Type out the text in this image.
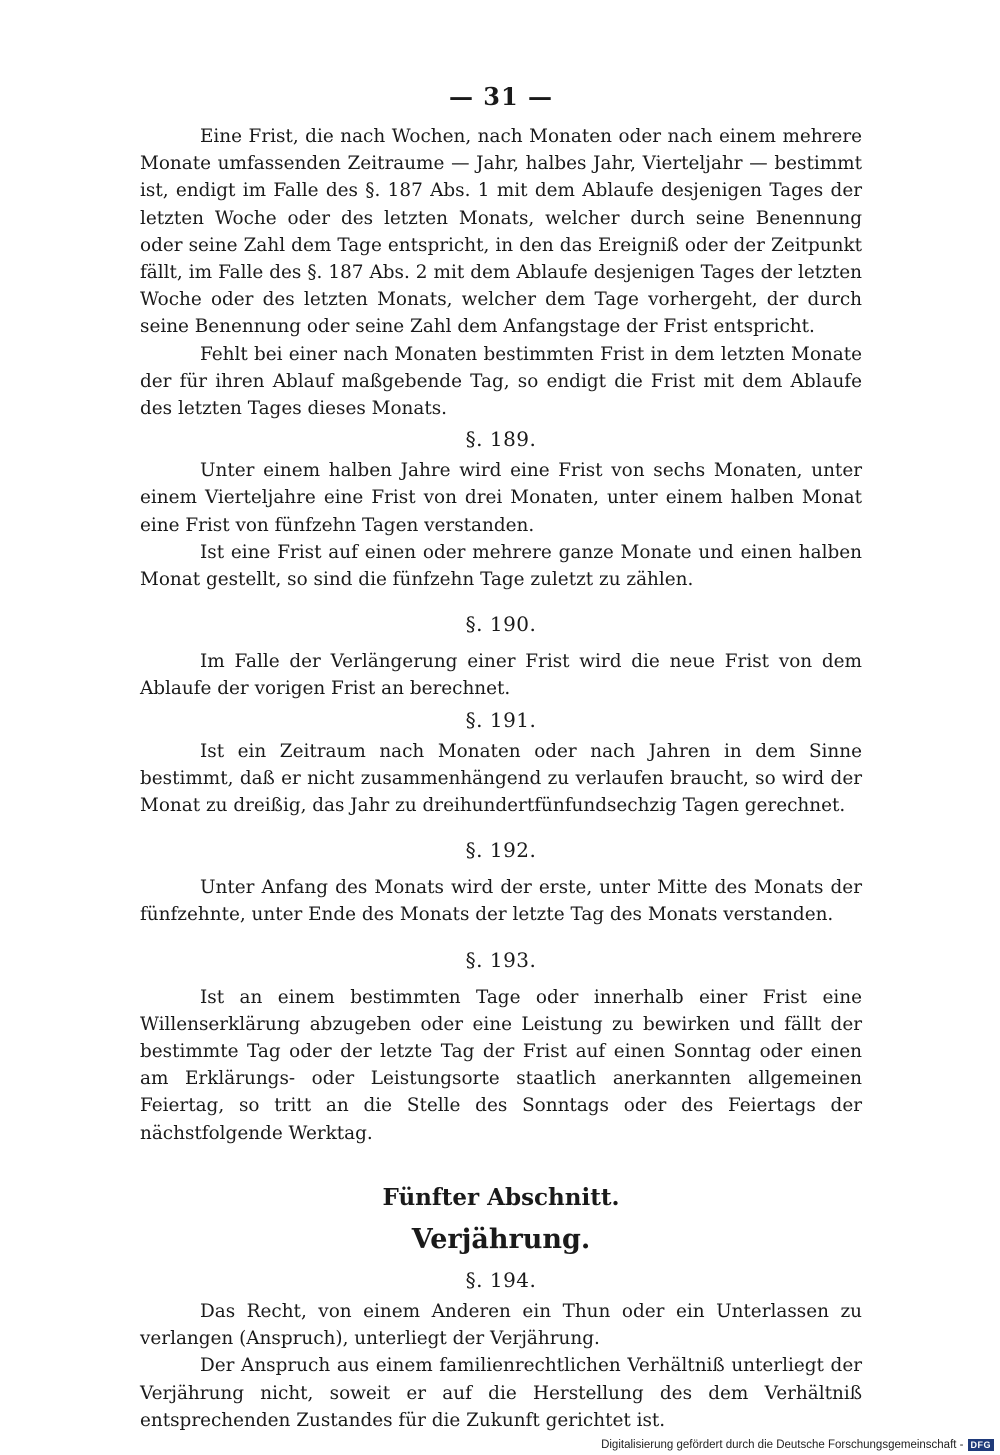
— 31 —

Eine Frist, die nach Wochen, nach Monaten oder nach einem mehrere Monate umfassenden Zeitraume — Jahr, halbes Jahr, Vierteljahr — bestimmt ist, endigt im Falle des §. 187 Abs. 1 mit dem Ablaufe desjenigen Tages der letzten Woche oder des letzten Monats, welcher durch seine Benennung oder seine Zahl dem Tage entspricht, in den das Ereigniß oder der Zeitpunkt fällt, im Falle des §. 187 Abs. 2 mit dem Ablaufe desjenigen Tages der letzten Woche oder des letzten Monats, welcher dem Tage vorhergeht, der durch seine Benennung oder seine Zahl dem Anfangstage der Frist entspricht.

Fehlt bei einer nach Monaten bestimmten Frist in dem letzten Monate der für ihren Ablauf maßgebende Tag, so endigt die Frist mit dem Ablaufe des letzten Tages dieses Monats.

§. 189.

Unter einem halben Jahre wird eine Frist von sechs Monaten, unter einem Vierteljahre eine Frist von drei Monaten, unter einem halben Monat eine Frist von fünfzehn Tagen verstanden.

Ist eine Frist auf einen oder mehrere ganze Monate und einen halben Monat gestellt, so sind die fünfzehn Tage zuletzt zu zählen.

§. 190.

Im Falle der Verlängerung einer Frist wird die neue Frist von dem Ablaufe der vorigen Frist an berechnet.

§. 191.

Ist ein Zeitraum nach Monaten oder nach Jahren in dem Sinne bestimmt, daß er nicht zusammenhängend zu verlaufen braucht, so wird der Monat zu dreißig, das Jahr zu dreihundertfünfundsechzig Tagen gerechnet.

§. 192.

Unter Anfang des Monats wird der erste, unter Mitte des Monats der fünfzehnte, unter Ende des Monats der letzte Tag des Monats verstanden.

§. 193.

Ist an einem bestimmten Tage oder innerhalb einer Frist eine Willenserklärung abzugeben oder eine Leistung zu bewirken und fällt der bestimmte Tag oder der letzte Tag der Frist auf einen Sonntag oder einen am Erklärungs- oder Leistungsorte staatlich anerkannten allgemeinen Feiertag, so tritt an die Stelle des Sonntags oder des Feiertags der nächstfolgende Werktag.

Fünfter Abschnitt.
Verjährung.
§. 194.

Das Recht, von einem Anderen ein Thun oder ein Unterlassen zu verlangen (Anspruch), unterliegt der Verjährung.

Der Anspruch aus einem familienrechtlichen Verhältniß unterliegt der Verjährung nicht, soweit er auf die Herstellung des dem Verhältniß entsprechenden Zustandes für die Zukunft gerichtet ist.

Digitalisierung gefördert durch die Deutsche Forschungsgemeinschaft - DFG
